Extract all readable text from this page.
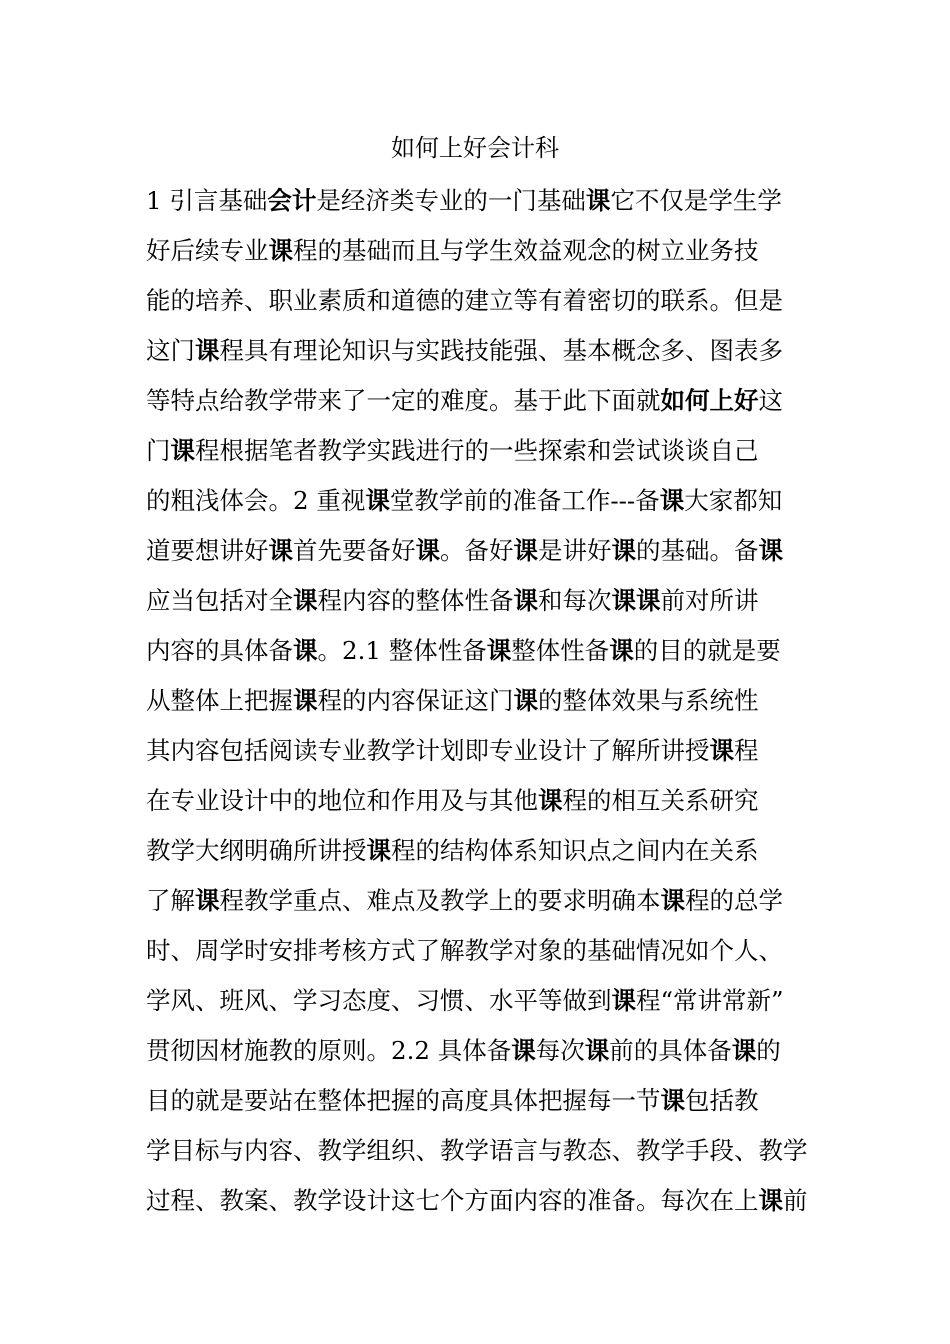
如何上好会计科
1 引言基础会计是经济类专业的一门基础课它不仅是学生学
好后续专业课程的基础而且与学生效益观念的树立业务技
能的培养、职业素质和道德的建立等有着密切的联系。但是
这门课程具有理论知识与实践技能强、基本概念多、图表多
等特点给教学带来了一定的难度。基于此下面就如何上好这
门课程根据笔者教学实践进行的一些探索和尝试谈谈自己
的粗浅体会。2 重视课堂教学前的准备工作---备课大家都知
道要想讲好课首先要备好课。备好课是讲好课的基础。备课
应当包括对全课程内容的整体性备课和每次课课前对所讲
内容的具体备课。2.1 整体性备课整体性备课的目的就是要
从整体上把握课程的内容保证这门课的整体效果与系统性
其内容包括阅读专业教学计划即专业设计了解所讲授课程
在专业设计中的地位和作用及与其他课程的相互关系研究
教学大纲明确所讲授课程的结构体系知识点之间内在关系
了解课程教学重点、难点及教学上的要求明确本课程的总学
时、周学时安排考核方式了解教学对象的基础情况如个人、
学风、班风、学习态度、习惯、水平等做到课程“常讲常新”
贯彻因材施教的原则。2.2 具体备课每次课前的具体备课的
目的就是要站在整体把握的高度具体把握每一节课包括教
学目标与内容、教学组织、教学语言与教态、教学手段、教学
过程、教案、教学设计这七个方面内容的准备。每次在上课前
